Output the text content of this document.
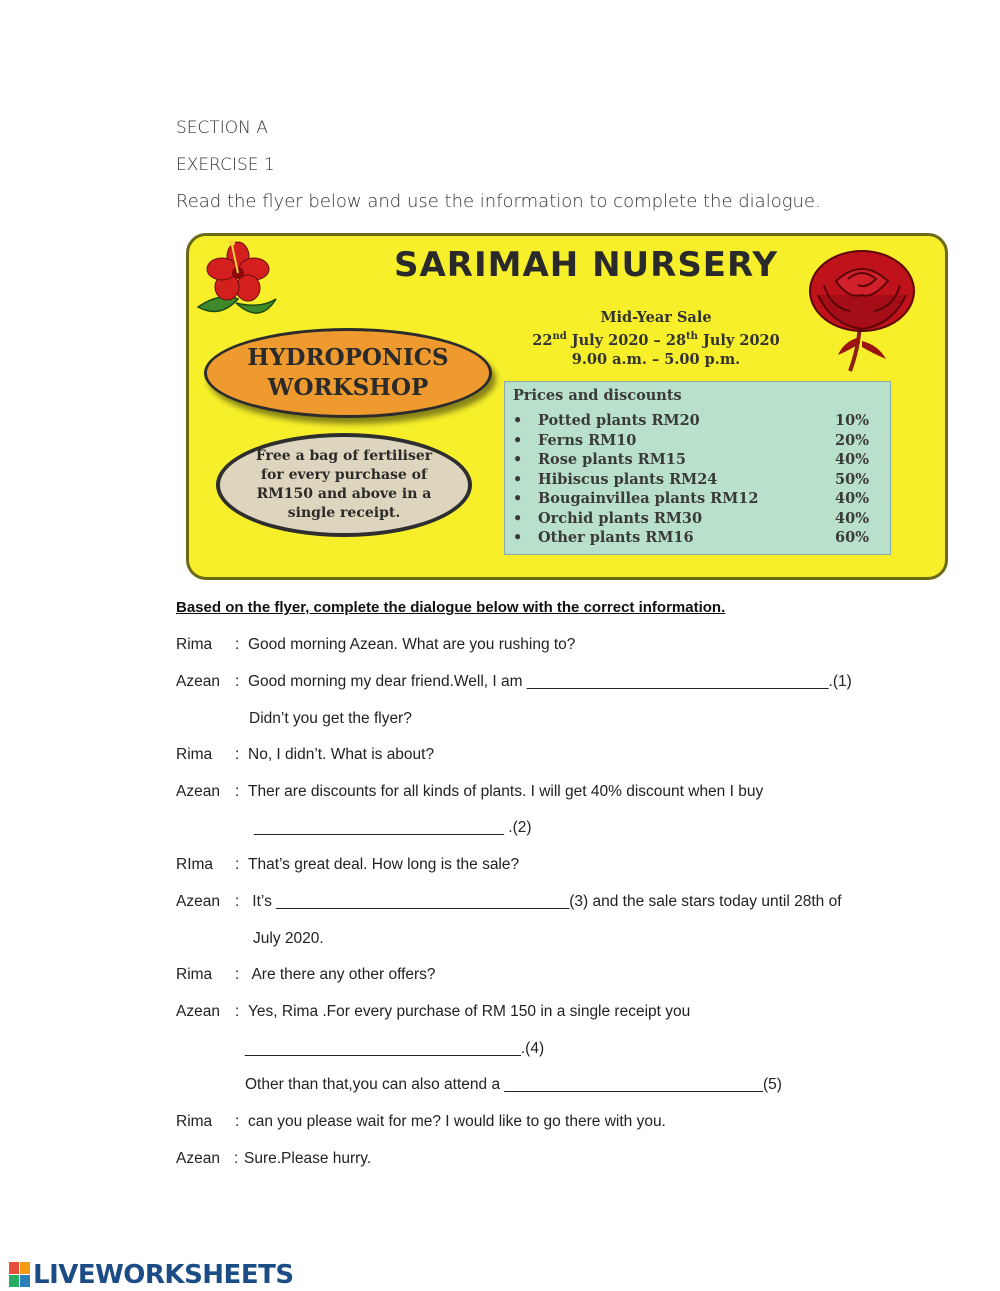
SECTION A
EXERCISE 1
Read the flyer below and use the information to complete the dialogue.
SARIMAH NURSERY
Mid-Year Sale
22nd July 2020 – 28th July 2020
9.00 a.m. – 5.00 p.m.
HYDROPONICS
WORKSHOP
Free a bag of fertiliser
for every purchase of
RM150 and above in a
single receipt.
Prices and discounts
• Potted plants RM20	10%
• Ferns RM10	20%
• Rose plants RM15	40%
• Hibiscus plants RM24	50%
• Bougainvillea plants RM12	40%
• Orchid plants RM30	40%
• Other plants RM16	60%
Based on the flyer, complete the dialogue below with the correct information.
Rima : Good morning Azean. What are you rushing to?
Azean : Good morning my dear friend.Well, I am ___________________________________.(1)
Didn’t you get the flyer?
Rima : No, I didn’t. What is about?
Azean : Ther are discounts for all kinds of plants. I will get 40% discount when I buy
_____________________________ .(2)
RIma : That’s great deal. How long is the sale?
Azean : It’s __________________________________(3) and the sale stars today until 28th of
July 2020.
Rima : Are there any other offers?
Azean : Yes, Rima .For every purchase of RM 150 in a single receipt you
________________________________.(4)
Other than that,you can also attend a ______________________________(5)
Rima : can you please wait for me? I would like to go there with you.
Azean : Sure.Please hurry.
LIVEWORKSHEETS
